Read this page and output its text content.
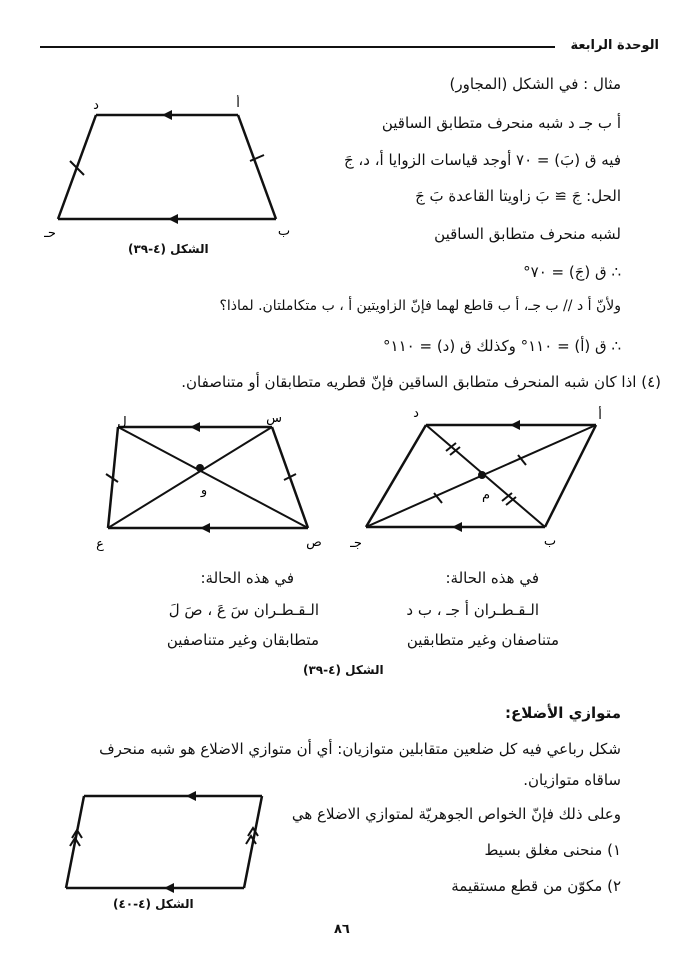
الوحدة الرابعة
مثال : في الشكل (المجاور)
أ ب جـ د شبه منحرف متطابق الساقين
فيه ق (بَ) = ٧٠ أوجد قياسات الزوايا أ، د، جَ
الحل: جَ ≅ بَ زاويتا القاعدة بَ جَ
لشبه منحرف متطابق الساقين
∴ ق (جَ) = ٧٠°
ولأنّ أ د // ب جـ، أ ب قاطع لهما فإنّ الزاويتين أ ، ب متكاملتان. لماذا؟
∴ ق (أ) = ١١٠° وكذلك ق (د) = ١١٠°
أ
د
ب
حـ
الشكل (٤-٣٩)
(٤) اذا كان شبه المنحرف متطابق الساقين فإنّ قطريه متطابقان أو متناصفان.
س
ل
ص
ع
و
أ
د
ب
جـ
م
في هذه الحالة:
الـقـطـران سَ عَ ، صَ لَ
متطابقان وغير متناصفين
في هذه الحالة:
الـقـطـران أ جـ ، ب د
متناصفان وغير متطابقين
الشكل (٤-٣٩)
متوازي الأضلاع:
شكل رباعي فيه كل ضلعين متقابلين متوازيان: أي أن متوازي الاضلاع هو شبه منحرف
ساقاه متوازيان.
وعلى ذلك فإنّ الخواص الجوهريّة لمتوازي الاضلاع هي
١) منحنى مغلق بسيط
٢) مكوّن من قطع مستقيمة
الشكل (٤-٤٠)
٨٦
